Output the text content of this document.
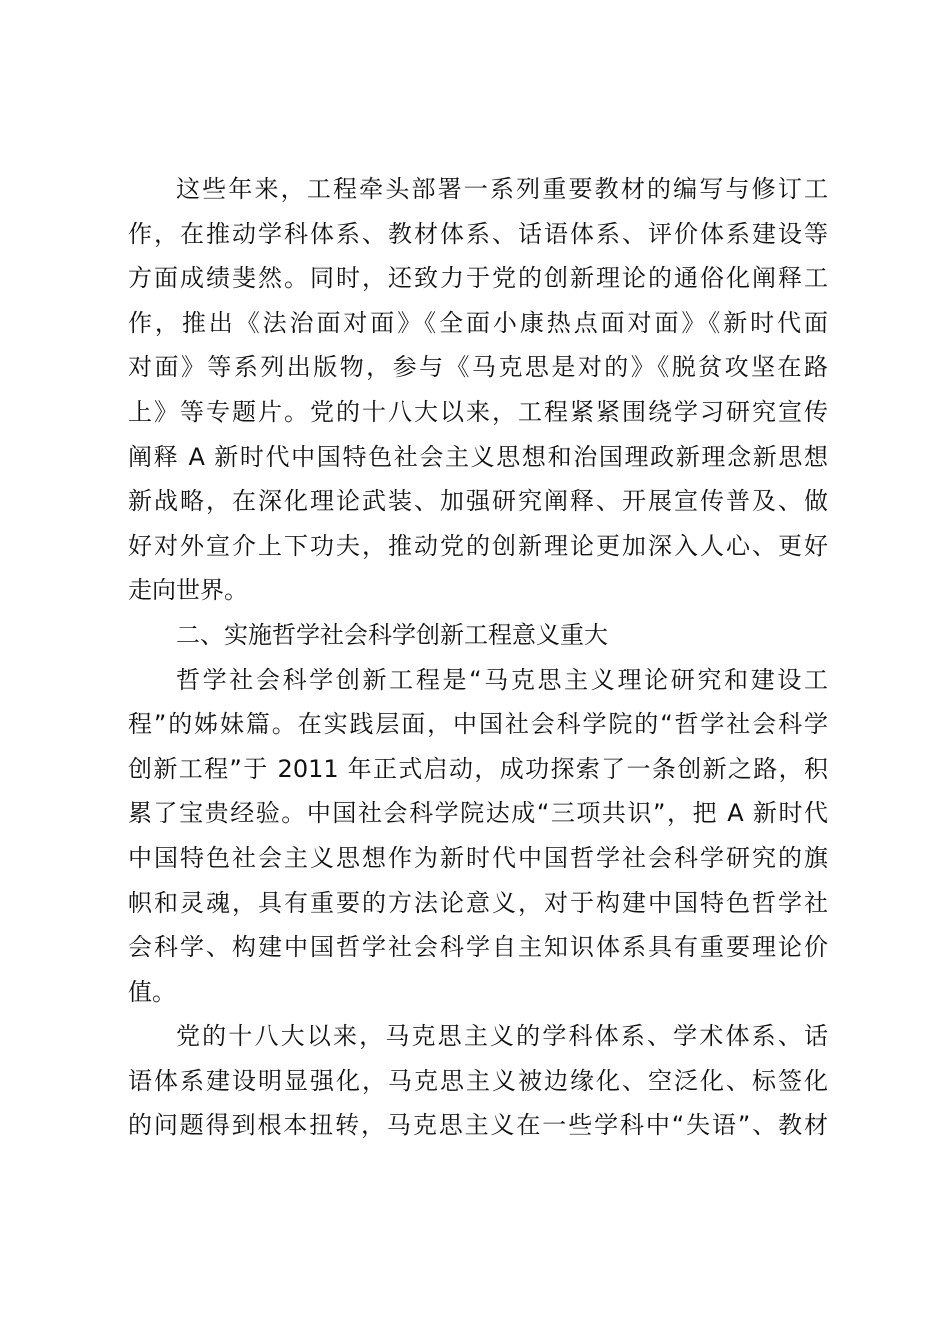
这些年来，工程牵头部署一系列重要教材的编写与修订工
作，在推动学科体系、教材体系、话语体系、评价体系建设等
方面成绩斐然。同时，还致力于党的创新理论的通俗化阐释工
作，推出《法治面对面》《全面小康热点面对面》《新时代面
对面》等系列出版物，参与《马克思是对的》《脱贫攻坚在路
上》等专题片。党的十八大以来，工程紧紧围绕学习研究宣传
阐释 A 新时代中国特色社会主义思想和治国理政新理念新思想
新战略，在深化理论武装、加强研究阐释、开展宣传普及、做
好对外宣介上下功夫，推动党的创新理论更加深入人心、更好
走向世界。
二、实施哲学社会科学创新工程意义重大
哲学社会科学创新工程是“马克思主义理论研究和建设工
程”的姊妹篇。在实践层面，中国社会科学院的“哲学社会科学
创新工程”于 2011 年正式启动，成功探索了一条创新之路，积
累了宝贵经验。中国社会科学院达成“三项共识”，把 A 新时代
中国特色社会主义思想作为新时代中国哲学社会科学研究的旗
帜和灵魂，具有重要的方法论意义，对于构建中国特色哲学社
会科学、构建中国哲学社会科学自主知识体系具有重要理论价
值。
党的十八大以来，马克思主义的学科体系、学术体系、话
语体系建设明显强化，马克思主义被边缘化、空泛化、标签化
的问题得到根本扭转，马克思主义在一些学科中“失语”、教材
